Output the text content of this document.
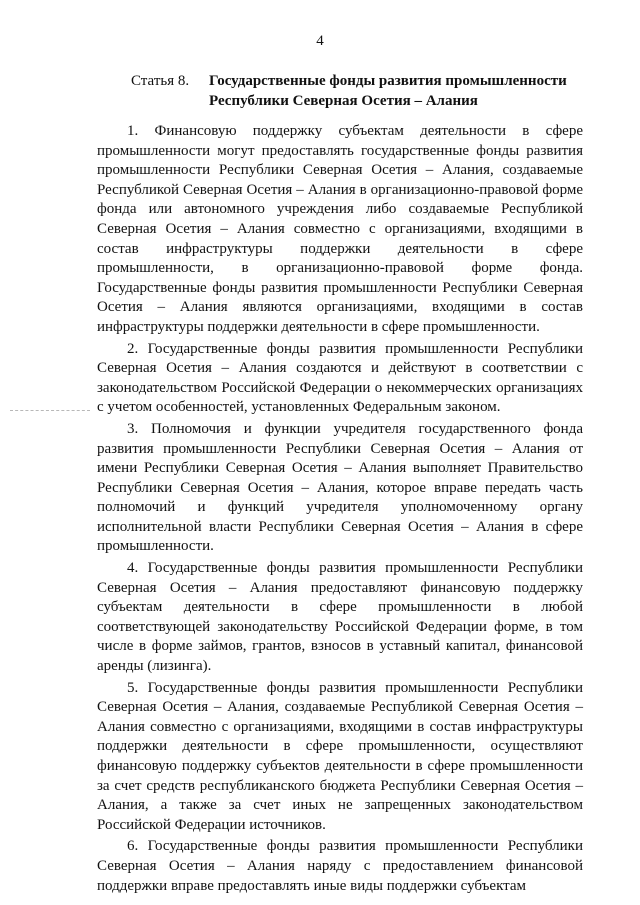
4
Статья 8. Государственные фонды развития промышленности
Республики Северная Осетия – Алания

1. Финансовую поддержку субъектам деятельности в сфере промышленности могут предоставлять государственные фонды развития промышленности Республики Северная Осетия – Алания, создаваемые Республикой Северная Осетия – Алания в организационно-правовой форме фонда или автономного учреждения либо создаваемые Республикой Северная Осетия – Алания совместно с организациями, входящими в состав инфраструктуры поддержки деятельности в сфере промышленности, в организационно-правовой форме фонда. Государственные фонды развития промышленности Республики Северная Осетия – Алания являются организациями, входящими в состав инфраструктуры поддержки деятельности в сфере промышленности.

2. Государственные фонды развития промышленности Республики Северная Осетия – Алания создаются и действуют в соответствии с законодательством Российской Федерации о некоммерческих организациях с учетом особенностей, установленных Федеральным законом.

3. Полномочия и функции учредителя государственного фонда развития промышленности Республики Северная Осетия – Алания от имени Республики Северная Осетия – Алания выполняет Правительство Республики Северная Осетия – Алания, которое вправе передать часть полномочий и функций учредителя уполномоченному органу исполнительной власти Республики Северная Осетия – Алания в сфере промышленности.

4. Государственные фонды развития промышленности Республики Северная Осетия – Алания предоставляют финансовую поддержку субъектам деятельности в сфере промышленности в любой соответствующей законодательству Российской Федерации форме, в том числе в форме займов, грантов, взносов в уставный капитал, финансовой аренды (лизинга).

5. Государственные фонды развития промышленности Республики Северная Осетия – Алания, создаваемые Республикой Северная Осетия – Алания совместно с организациями, входящими в состав инфраструктуры поддержки деятельности в сфере промышленности, осуществляют финансовую поддержку субъектов деятельности в сфере промышленности за счет средств республиканского бюджета Республики Северная Осетия – Алания, а также за счет иных не запрещенных законодательством Российской Федерации источников.

6. Государственные фонды развития промышленности Республики Северная Осетия – Алания наряду с предоставлением финансовой поддержки вправе предоставлять иные виды поддержки субъектам
